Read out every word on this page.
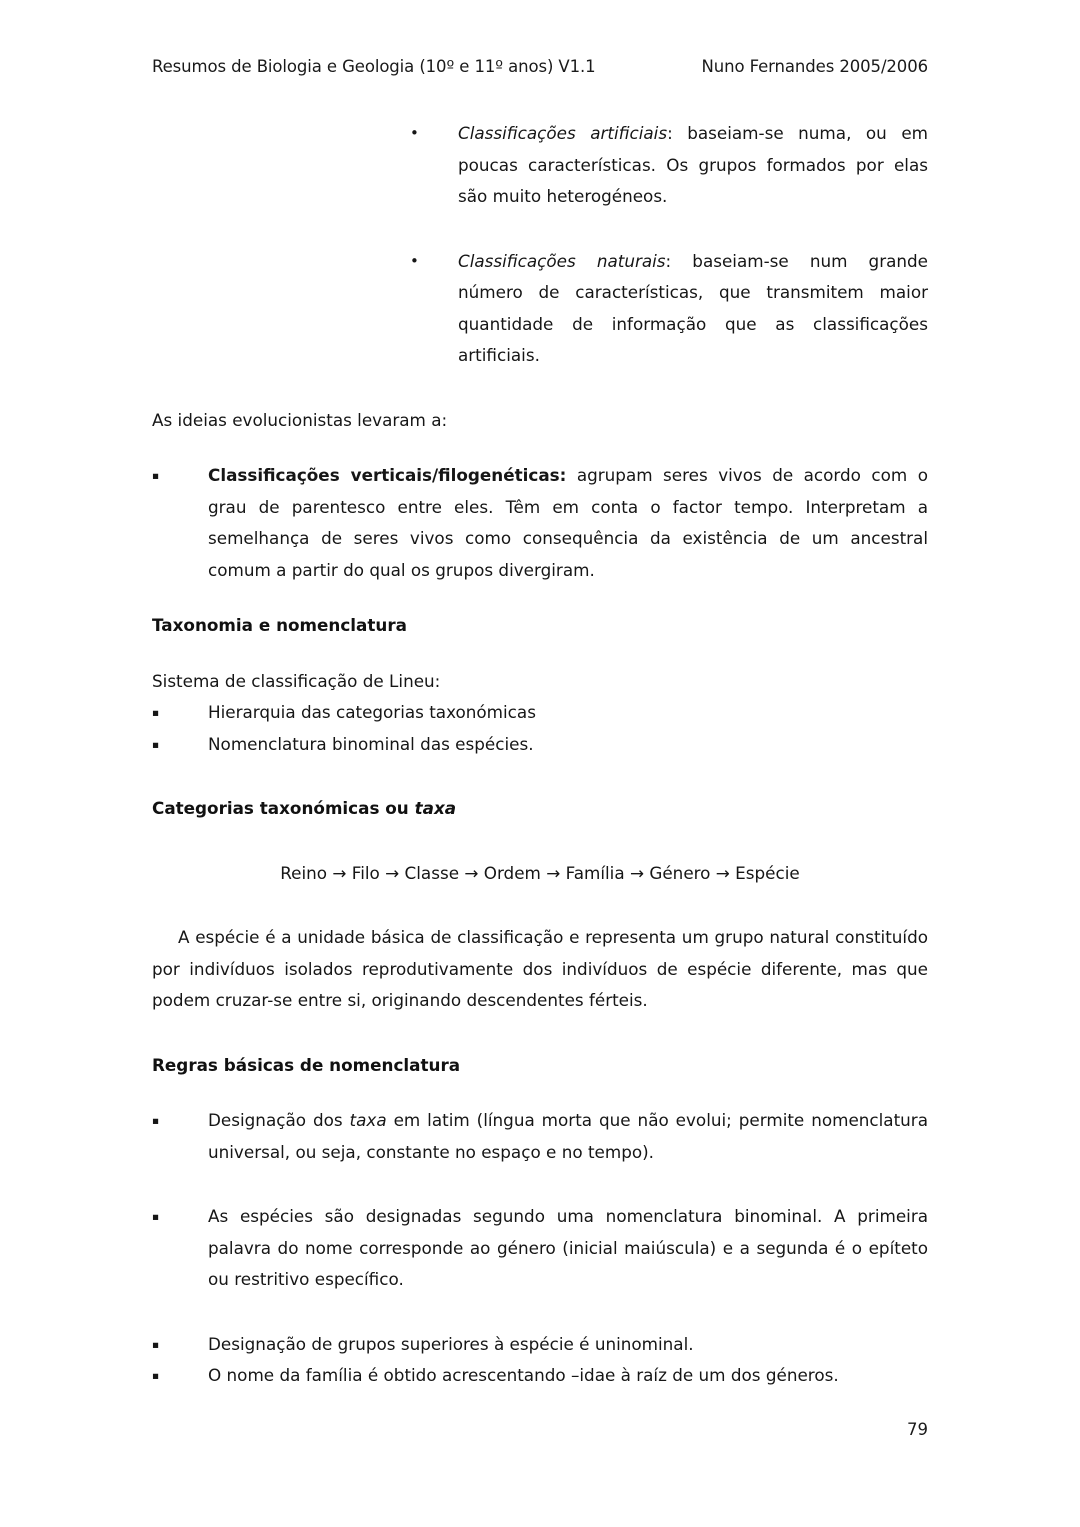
Resumos de Biologia e Geologia (10º e 11º anos) V1.1	Nuno Fernandes 2005/2006
•	Classificações artificiais: baseiam-se numa, ou em poucas características. Os grupos formados por elas são muito heterogéneos.
•	Classificações naturais: baseiam-se num grande número de características, que transmitem maior quantidade de informação que as classificações artificiais.

As ideias evolucionistas levaram a:

▪	Classificações verticais/filogenéticas: agrupam seres vivos de acordo com o grau de parentesco entre eles. Têm em conta o factor tempo. Interpretam a semelhança de seres vivos como consequência da existência de um ancestral comum a partir do qual os grupos divergiram.

Taxonomia e nomenclatura

Sistema de classificação de Lineu:

▪	Hierarquia das categorias taxonómicas
▪	Nomenclatura binominal das espécies.

Categorias taxonómicas ou taxa

Reino → Filo → Classe → Ordem → Família → Género → Espécie

A espécie é a unidade básica de classificação e representa um grupo natural constituído por indivíduos isolados reprodutivamente dos indivíduos de espécie diferente, mas que podem cruzar-se entre si, originando descendentes férteis.

Regras básicas de nomenclatura

▪	Designação dos taxa em latim (língua morta que não evolui; permite nomenclatura universal, ou seja, constante no espaço e no tempo).
▪	As espécies são designadas segundo uma nomenclatura binominal. A primeira palavra do nome corresponde ao género (inicial maiúscula) e a segunda é o epíteto ou restritivo específico.
▪	Designação de grupos superiores à espécie é uninominal.
▪	O nome da família é obtido acrescentando –idae à raíz de um dos géneros.
79
